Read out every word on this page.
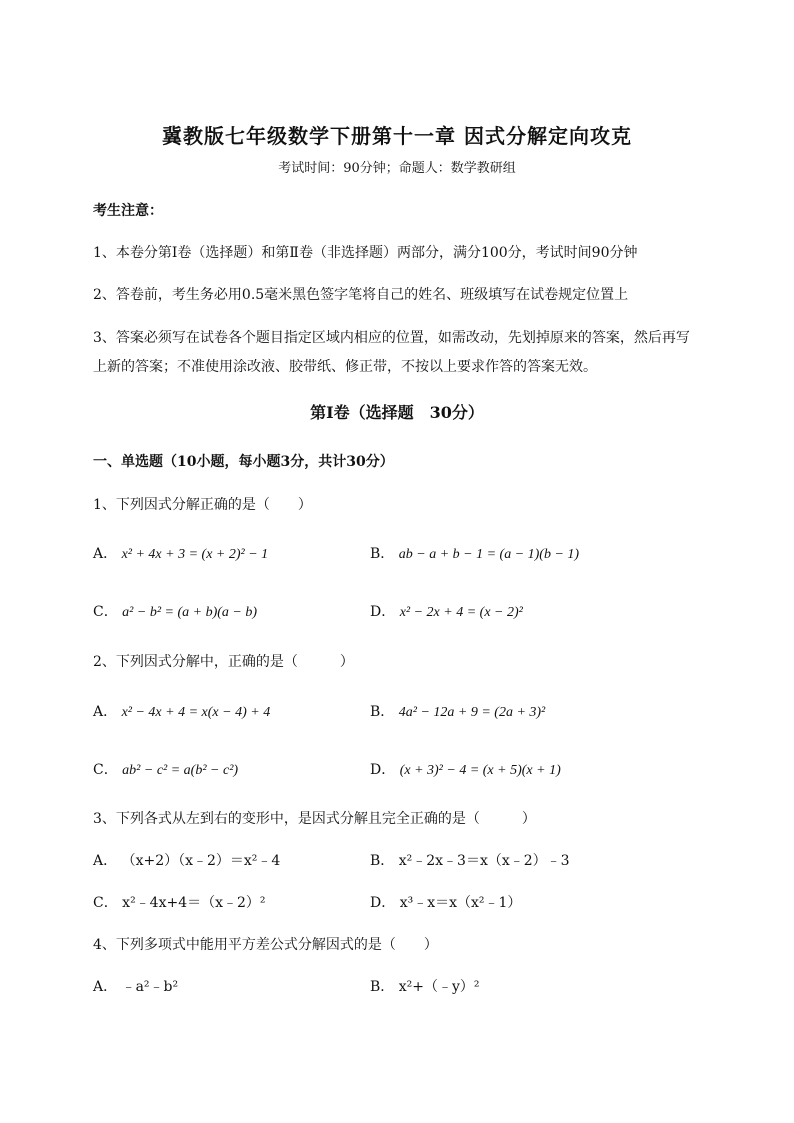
冀教版七年级数学下册第十一章 因式分解定向攻克
考试时间：90分钟；命题人：数学教研组
考生注意：
1、本卷分第I卷（选择题）和第Ⅱ卷（非选择题）两部分，满分100分，考试时间90分钟
2、答卷前，考生务必用0.5毫米黑色签字笔将自己的姓名、班级填写在试卷规定位置上
3、答案必须写在试卷各个题目指定区域内相应的位置，如需改动，先划掉原来的答案，然后再写上新的答案；不准使用涂改液、胶带纸、修正带，不按以上要求作答的答案无效。
第I卷（选择题　30分）
一、单选题（10小题，每小题3分，共计30分）
1、下列因式分解正确的是（　　）
A． x² + 4x + 3 = (x + 2)² − 1	B． ab − a + b − 1 = (a − 1)(b − 1)
C． a² − b² = (a + b)(a − b)	D． x² − 2x + 4 = (x − 2)²
2、下列因式分解中，正确的是（　　　）
A． x² − 4x + 4 = x(x − 4) + 4	B． 4a² − 12a + 9 = (2a + 3)²
C． ab² − c² = a(b² − c²)	D． (x + 3)² − 4 = (x + 5)(x + 1)
3、下列各式从左到右的变形中，是因式分解且完全正确的是（　　　）
A． （x+2）（x﹣2）＝x²﹣4	B． x²﹣2x﹣3＝x（x﹣2）﹣3
C． x²﹣4x+4＝（x﹣2）²	D． x³﹣x＝x（x²﹣1）
4、下列多项式中能用平方差公式分解因式的是（　　）
A． ﹣a²﹣b²	B． x²+（﹣y）²
